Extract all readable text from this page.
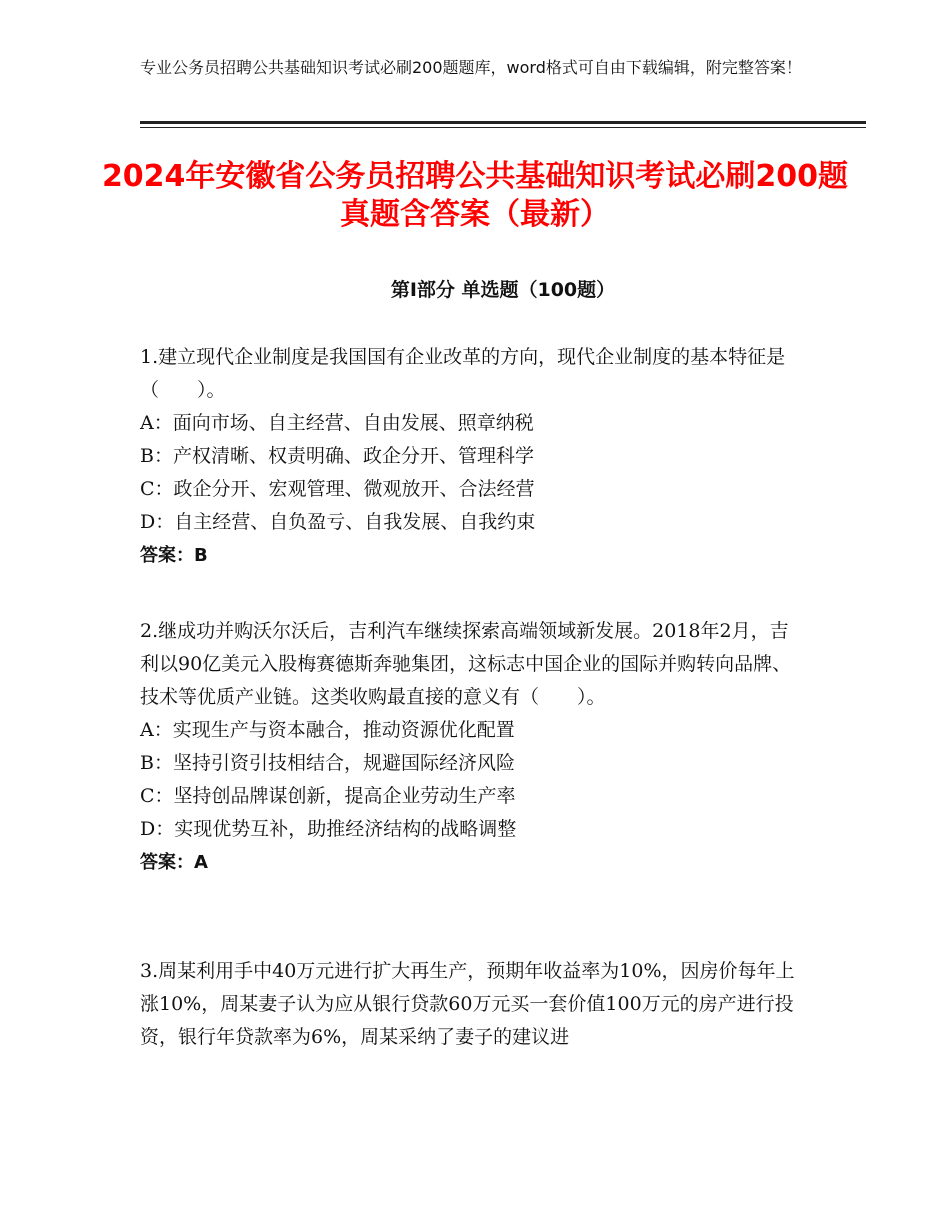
专业公务员招聘公共基础知识考试必刷200题题库，word格式可自由下载编辑，附完整答案！
2024年安徽省公务员招聘公共基础知识考试必刷200题真题含答案（最新）
第Ⅰ部分 单选题（100题）
1.建立现代企业制度是我国国有企业改革的方向，现代企业制度的基本特征是（　　）。
A：面向市场、自主经营、自由发展、照章纳税
B：产权清晰、权责明确、政企分开、管理科学
C：政企分开、宏观管理、微观放开、合法经营
D：自主经营、自负盈亏、自我发展、自我约束
答案：B
2.继成功并购沃尔沃后，吉利汽车继续探索高端领域新发展。2018年2月，吉利以90亿美元入股梅赛德斯奔驰集团，这标志中国企业的国际并购转向品牌、技术等优质产业链。这类收购最直接的意义有（　　）。
A：实现生产与资本融合，推动资源优化配置
B：坚持引资引技相结合，规避国际经济风险
C：坚持创品牌谋创新，提高企业劳动生产率
D：实现优势互补，助推经济结构的战略调整
答案：A
3.周某利用手中40万元进行扩大再生产，预期年收益率为10%，因房价每年上涨10%，周某妻子认为应从银行贷款60万元买一套价值100万元的房产进行投资，银行年贷款率为6%，周某采纳了妻子的建议进
